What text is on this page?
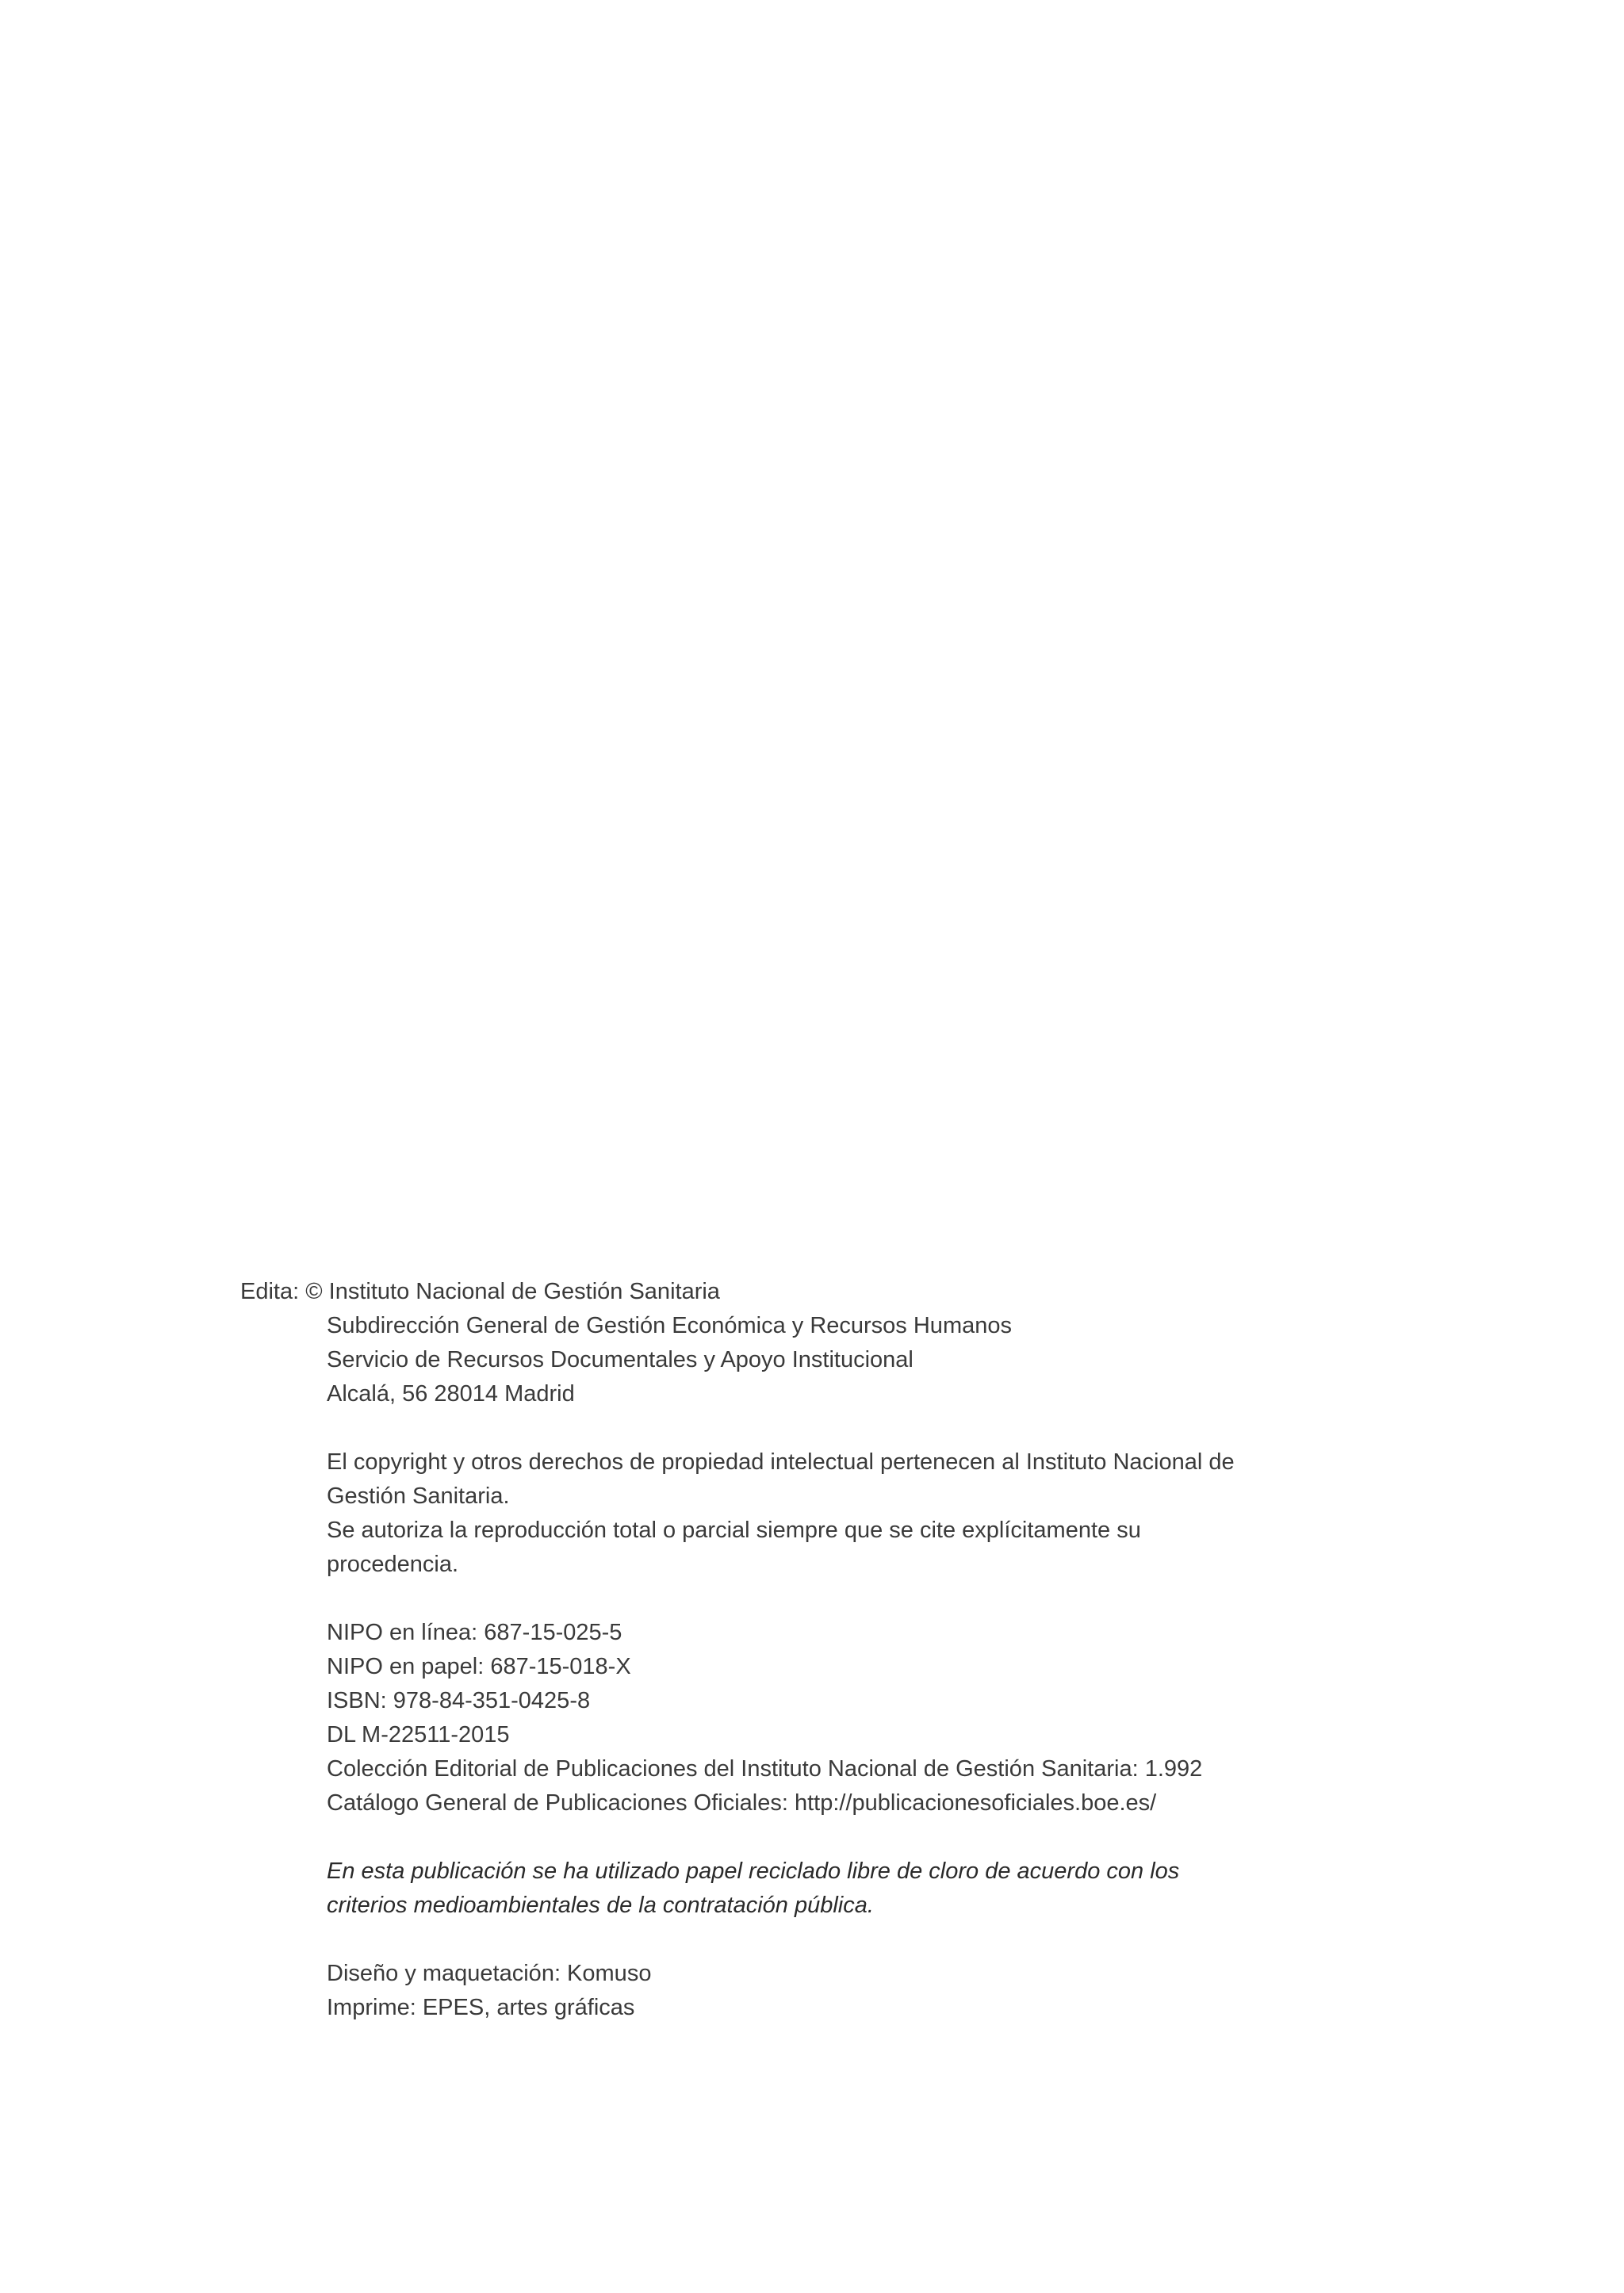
Edita: © Instituto Nacional de Gestión Sanitaria
Subdirección General de Gestión Económica y Recursos Humanos
Servicio de Recursos Documentales y Apoyo Institucional
Alcalá, 56 28014 Madrid
El copyright y otros derechos de propiedad intelectual pertenecen al Instituto Nacional de
Gestión Sanitaria.
Se autoriza la reproducción total o parcial siempre que se cite explícitamente su
procedencia.
NIPO en línea: 687-15-025-5
NIPO en papel: 687-15-018-X
ISBN: 978-84-351-0425-8
DL M-22511-2015
Colección Editorial de Publicaciones del Instituto Nacional de Gestión Sanitaria: 1.992
Catálogo General de Publicaciones Oficiales: http://publicacionesoficiales.boe.es/
En esta publicación se ha utilizado papel reciclado libre de cloro de acuerdo con los
criterios medioambientales de la contratación pública.
Diseño y maquetación: Komuso
Imprime: EPES, artes gráficas
